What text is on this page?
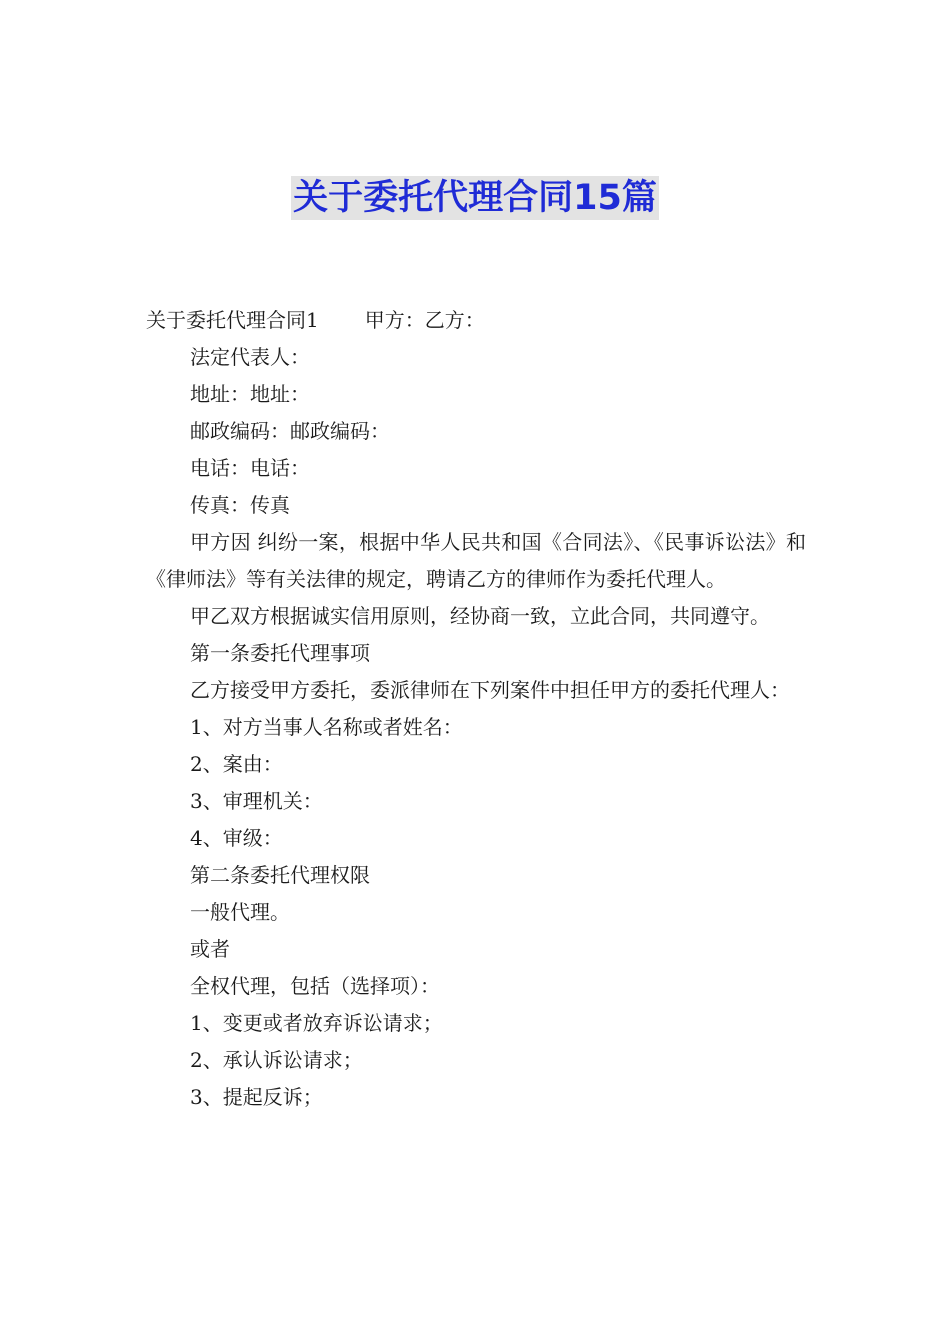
关于委托代理合同15篇

关于委托代理合同1 甲方：乙方：

法定代表人：

地址：地址：

邮政编码：邮政编码：

电话：电话：

传真：传真

甲方因 纠纷一案，根据中华人民共和国《合同法》、《民事诉讼法》和《律师法》等有关法律的规定，聘请乙方的律师作为委托代理人。

甲乙双方根据诚实信用原则，经协商一致，立此合同，共同遵守。

第一条委托代理事项

乙方接受甲方委托，委派律师在下列案件中担任甲方的委托代理人：

1、对方当事人名称或者姓名：

2、案由：

3、审理机关：

4、审级：

第二条委托代理权限

一般代理。

或者

全权代理，包括（选择项）：

1、变更或者放弃诉讼请求；

2、承认诉讼请求；

3、提起反诉；
